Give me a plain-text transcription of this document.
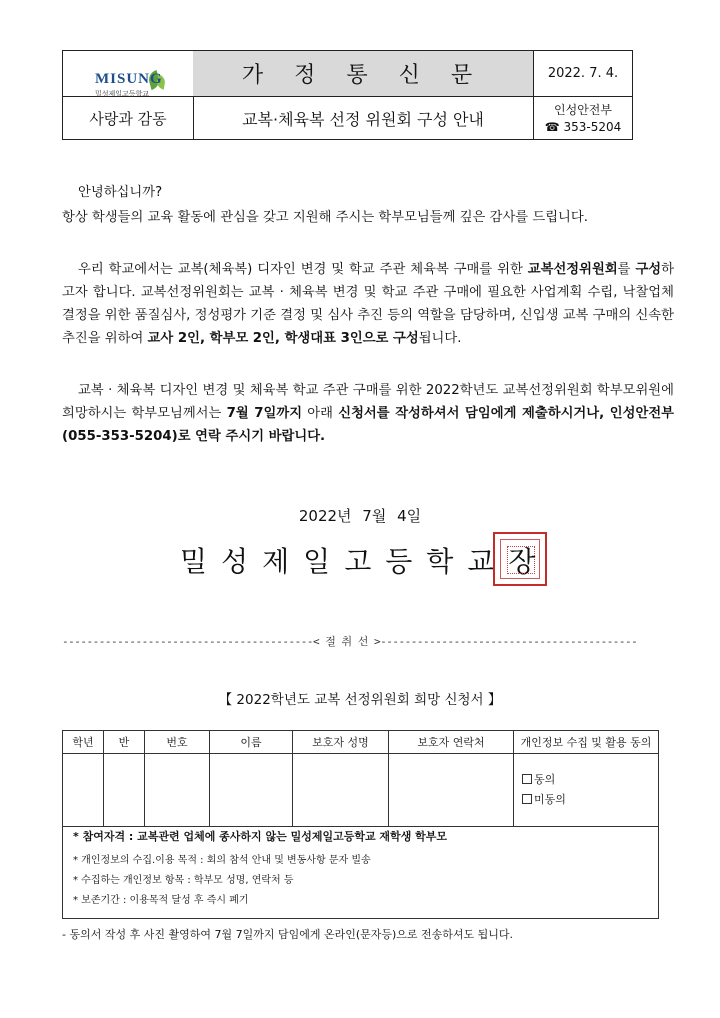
MISUNG
밀성제일고등학교
가 정 통 신 문	2022. 7. 4.
사랑과 감동	교복·체육복 선정 위원회 구성 안내	인성안전부
☎ 353-5204

안녕하십니까?

항상 학생들의 교육 활동에 관심을 갖고 지원해 주시는 학부모님들께 깊은 감사를 드립니다.

우리 학교에서는 교복(체육복) 디자인 변경 및 학교 주관 체육복 구매를 위한 교복선정위원회를 구성하고자 합니다. 교복선정위원회는 교복 · 체육복 변경 및 학교 주관 구매에 필요한 사업계획 수립, 낙찰업체 결정을 위한 품질심사, 정성평가 기준 결정 및 심사 추진 등의 역할을 담당하며, 신입생 교복 구매의 신속한 추진을 위하여 교사 2인, 학부모 2인, 학생대표 3인으로 구성됩니다.

교복 · 체육복 디자인 변경 및 체육복 학교 주관 구매를 위한 2022학년도 교복선정위원회 학부모위원에 희망하시는 학부모님께서는 7월 7일까지 아래 신청서를 작성하셔서 담임에게 제출하시거나, 인성안전부(055-353-5204)로 연락 주시기 바랍니다.

2022년 7월 4일
밀성제일고등학교장
-----------------------------------------< 절 취 선 >------------------------------------------
【 2022학년도 교복 선정위원회 희망 신청서 】
학년	반	번호	이름	보호자 성명	보호자 연락처	개인정보 수집 및 활용 동의

						동의
미동의
* 참여자격 : 교복관련 업체에 종사하지 않는 밀성제일고등학교 재학생 학부모
* 개인정보의 수집.이용 목적 : 회의 참석 안내 및 변동사항 문자 빌송
* 수집하는 개인정보 항목 : 학부모 성명, 연락처 등
* 보존기간 : 이용목적 달성 후 즉시 폐기
- 동의서 작성 후 사진 촬영하여 7월 7일까지 담임에게 온라인(문자등)으로 전송하셔도 됩니다.
